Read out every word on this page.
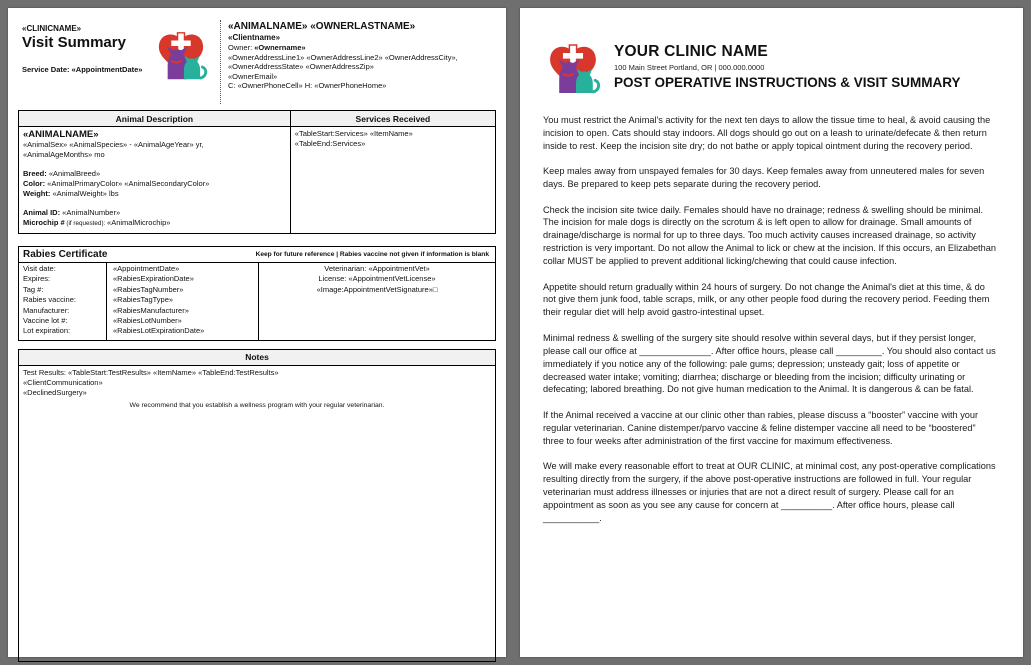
«CLINICNAME»
Visit Summary
Service Date: «AppointmentDate»
«ANIMALNAME» «OWNERLASTNAME»
«Clientname»
Owner: «Ownername»
«OwnerAddressLine1» «OwnerAddressLine2» «OwnerAddressCity»,
«OwnerAddressState» «OwnerAddressZip»
«OwnerEmail»
C: «OwnerPhoneCell» H: «OwnerPhoneHome»
Animal Description	Services Received
«ANIMALNAME»
«AnimalSex» «AnimalSpecies» - «AnimalAgeYear» yr,
«AnimalAgeMonths» mo
Breed: «AnimalBreed»
Color: «AnimalPrimaryColor» «AnimalSecondaryColor»
Weight: «AnimalWeight» lbs
Animal ID: «AnimalNumber»
Microchip # (if requested): «AnimalMicrochip»
«TableStart:Services» «ItemName»
«TableEnd:Services»
Rabies Certificate	Keep for future reference | Rabies vaccine not given if information is blank
Visit date:
Expires:
Tag #:
Rabies vaccine:
Manufacturer:
Vaccine lot #:
Lot expiration:
«AppointmentDate»
«RabiesExpirationDate»
«RabiesTagNumber»
«RabiesTagType»
«RabiesManufacturer»
«RabiesLotNumber»
«RabiesLotExpirationDate»
Veterinarian: «AppointmentVet»
License: «AppointmentVetLicense»
«Image:AppointmentVetSignature»□
Notes
Test Results: «TableStart:TestResults» «ItemName» «TableEnd:TestResults»
«ClientCommunication»
«DeclinedSurgery»
We recommend that you establish a wellness program with your regular veterinarian.
YOUR CLINIC NAME
100 Main Street Portland, OR | 000.000.0000
POST OPERATIVE INSTRUCTIONS & VISIT SUMMARY

You must restrict the Animal's activity for the next ten days to allow the tissue time to heal, & avoid causing the incision to open. Cats should stay indoors. All dogs should go out on a leash to urinate/defecate & then return inside to rest. Keep the incision site dry; do not bathe or apply topical ointment during the recovery period.

Keep males away from unspayed females for 30 days. Keep females away from unneutered males for seven days. Be prepared to keep pets separate during the recovery period.

Check the incision site twice daily. Females should have no drainage; redness & swelling should be minimal. The incision for male dogs is directly on the scrotum & is left open to allow for drainage. Small amounts of drainage/discharge is normal for up to three days. Too much activity causes increased drainage, so activity restriction is very important. Do not allow the Animal to lick or chew at the incision. If this occurs, an Elizabethan collar MUST be applied to prevent additional licking/chewing that could cause infection.

Appetite should return gradually within 24 hours of surgery. Do not change the Animal's diet at this time, & do not give them junk food, table scraps, milk, or any other people food during the recovery period. Feeding them their regular diet will help avoid gastro-intestinal upset.

Minimal redness & swelling of the surgery site should resolve within several days, but if they persist longer, please call our office at ______________. After office hours, please call _________. You should also contact us immediately if you notice any of the following: pale gums; depression; unsteady gait; loss of appetite or decreased water intake; vomiting; diarrhea; discharge or bleeding from the incision; difficulty urinating or defecating; labored breathing. Do not give human medication to the Animal. It is dangerous & can be fatal.

If the Animal received a vaccine at our clinic other than rabies, please discuss a “booster” vaccine with your regular veterinarian. Canine distemper/parvo vaccine & feline distemper vaccine all need to be “boostered” three to four weeks after administration of the first vaccine for maximum effectiveness.

We will make every reasonable effort to treat at OUR CLINIC, at minimal cost, any post-operative complications resulting directly from the surgery, if the above post-operative instructions are followed in full. Your regular veterinarian must address illnesses or injuries that are not a direct result of surgery. Please call for an appointment as soon as you see any cause for concern at __________. After office hours, please call ___________.
